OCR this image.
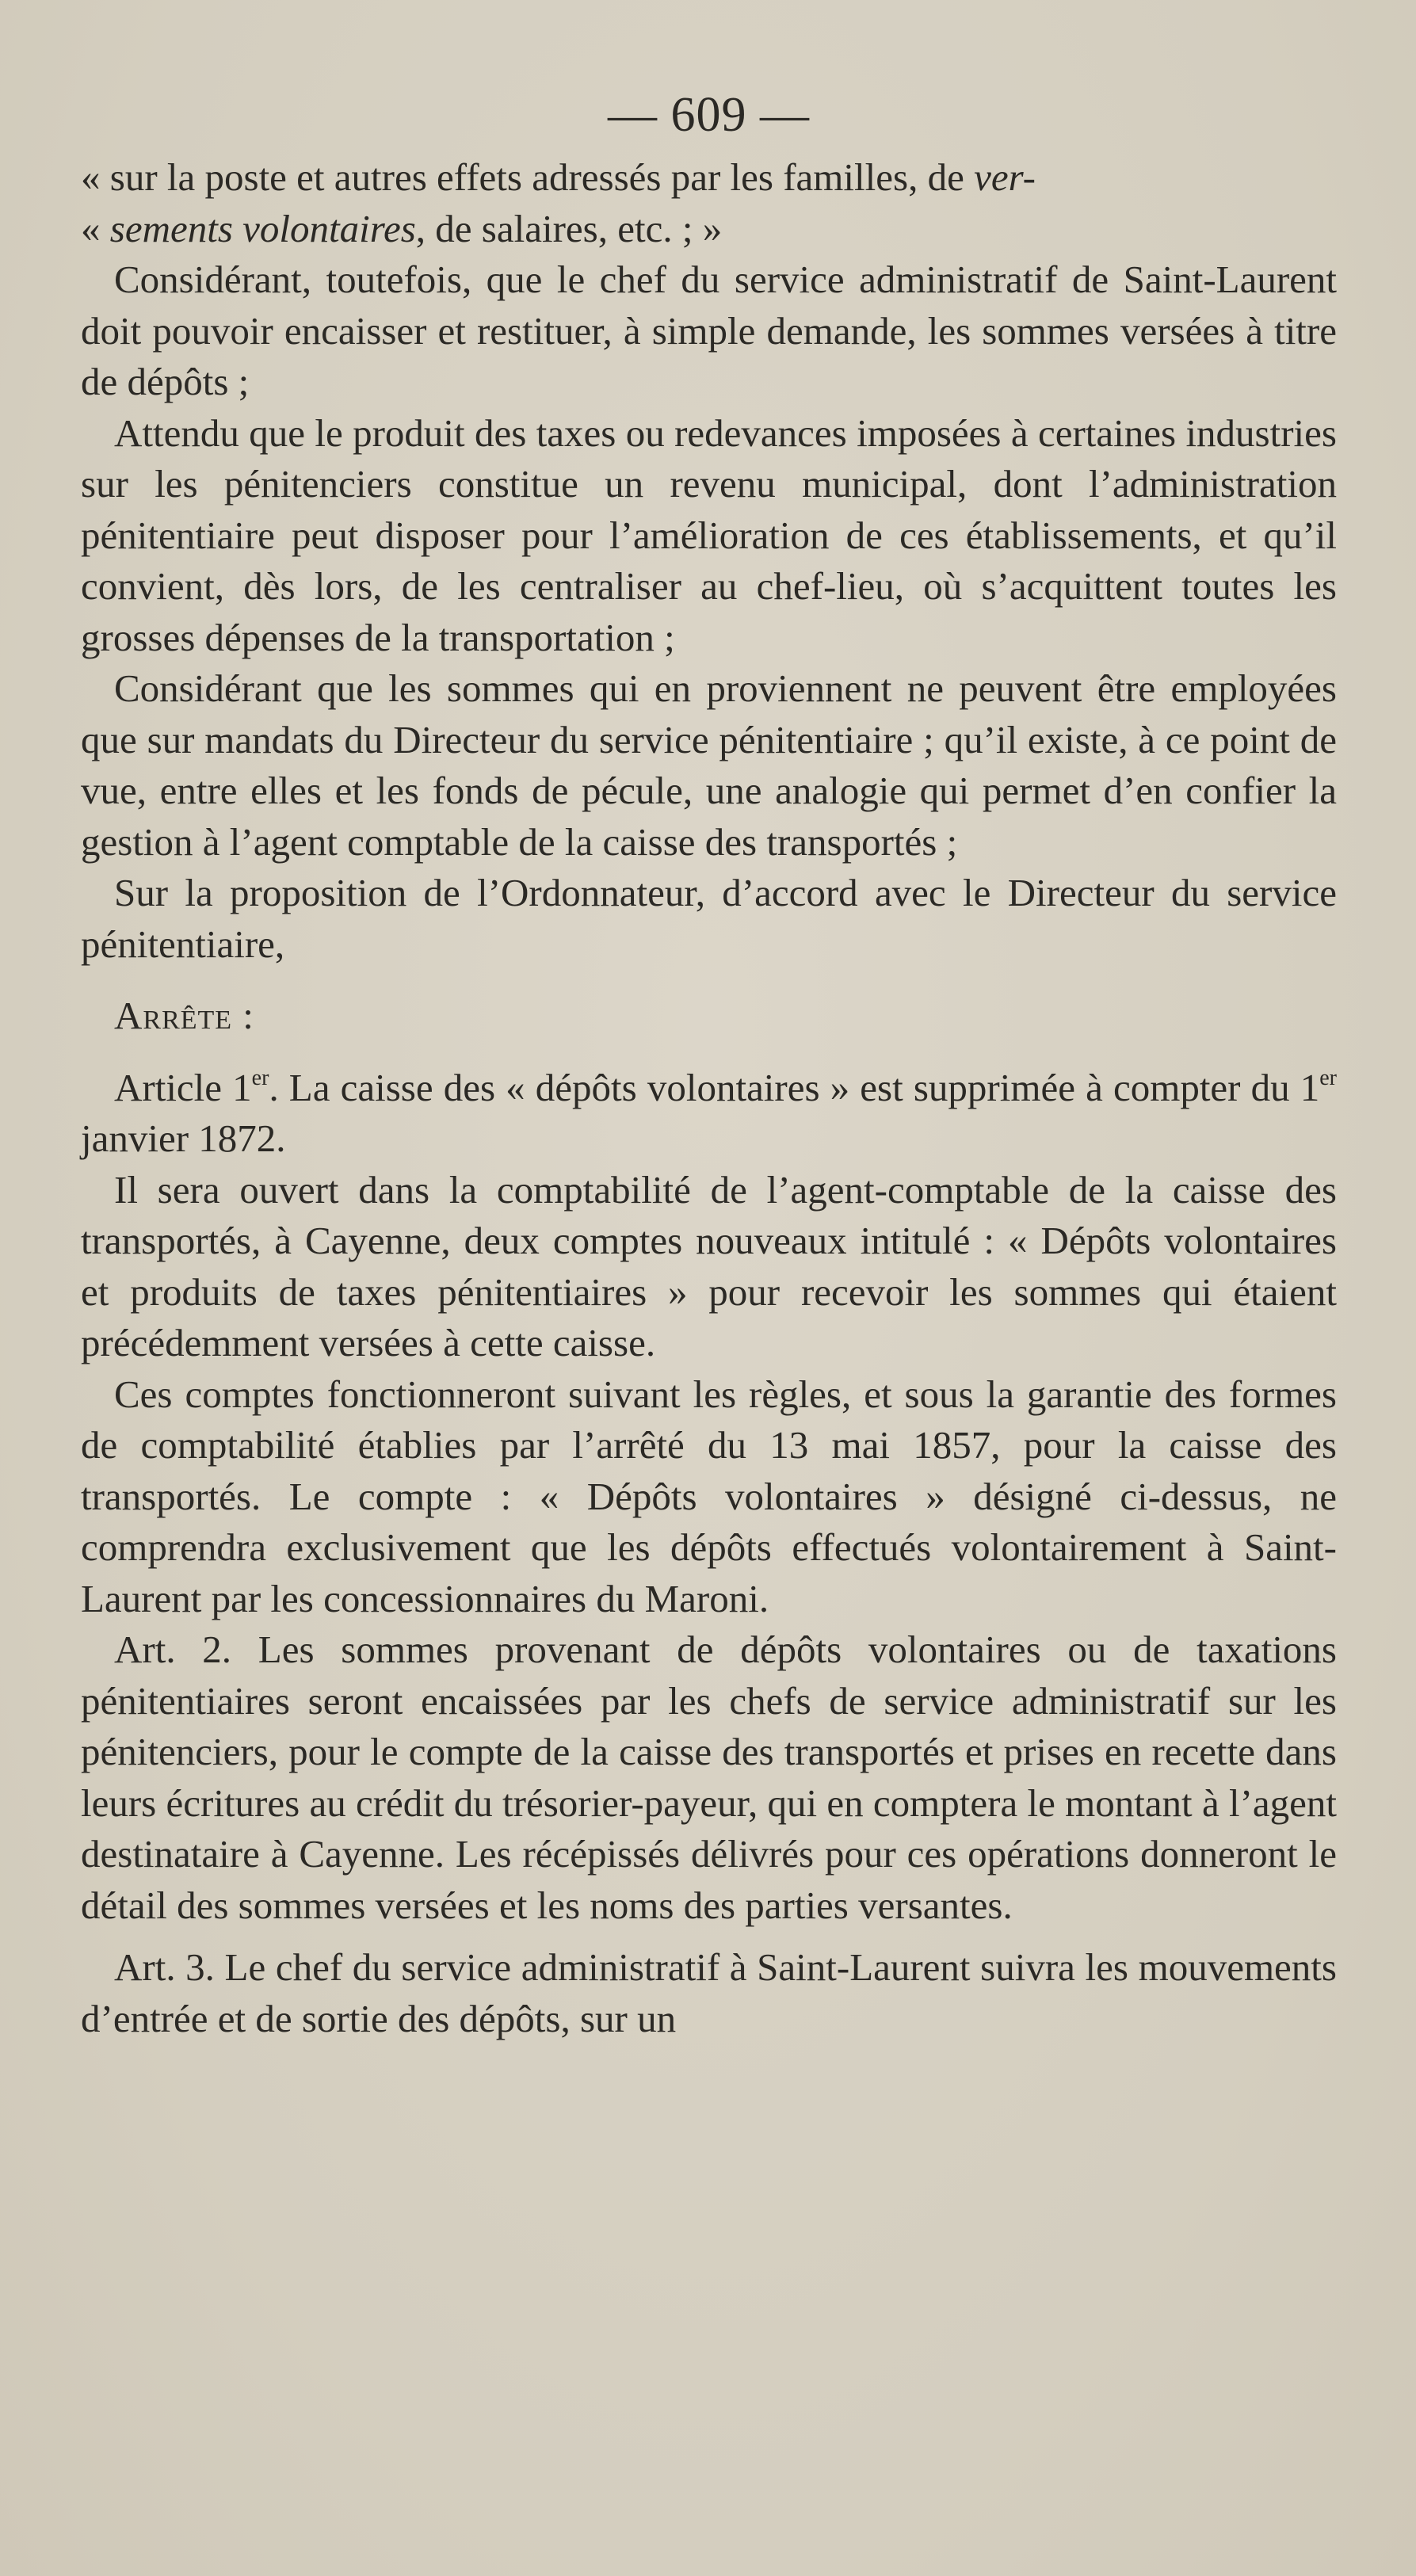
— 609 —

« sur la poste et autres effets adressés par les familles, de ver-
« sements volontaires, de salaires, etc. ; »

Considérant, toutefois, que le chef du service administratif de Saint-Laurent doit pouvoir encaisser et restituer, à simple demande, les sommes versées à titre de dépôts ;

Attendu que le produit des taxes ou redevances imposées à certaines industries sur les pénitenciers constitue un revenu municipal, dont l’administration pénitentiaire peut disposer pour l’amélioration de ces établissements, et qu’il convient, dès lors, de les centraliser au chef-lieu, où s’acquittent toutes les grosses dépenses de la transportation ;

Considérant que les sommes qui en proviennent ne peuvent être employées que sur mandats du Directeur du service pénitentiaire ; qu’il existe, à ce point de vue, entre elles et les fonds de pécule, une analogie qui permet d’en confier la gestion à l’agent comptable de la caisse des transportés ;

Sur la proposition de l’Ordonnateur, d’accord avec le Directeur du service pénitentiaire,

Arrête :

Article 1er. La caisse des « dépôts volontaires » est supprimée à compter du 1er janvier 1872.

Il sera ouvert dans la comptabilité de l’agent-comptable de la caisse des transportés, à Cayenne, deux comptes nouveaux intitulé : « Dépôts volontaires et produits de taxes pénitentiaires » pour recevoir les sommes qui étaient précédemment versées à cette caisse.

Ces comptes fonctionneront suivant les règles, et sous la garantie des formes de comptabilité établies par l’arrêté du 13 mai 1857, pour la caisse des transportés. Le compte : « Dépôts volontaires » désigné ci-dessus, ne comprendra exclusivement que les dépôts effectués volontairement à Saint-Laurent par les concessionnaires du Maroni.

Art. 2. Les sommes provenant de dépôts volontaires ou de taxations pénitentiaires seront encaissées par les chefs de service administratif sur les pénitenciers, pour le compte de la caisse des transportés et prises en recette dans leurs écritures au crédit du trésorier-payeur, qui en comptera le montant à l’agent destinataire à Cayenne. Les récépissés délivrés pour ces opérations donneront le détail des sommes versées et les noms des parties versantes.

Art. 3. Le chef du service administratif à Saint-Laurent suivra les mouvements d’entrée et de sortie des dépôts, sur un
